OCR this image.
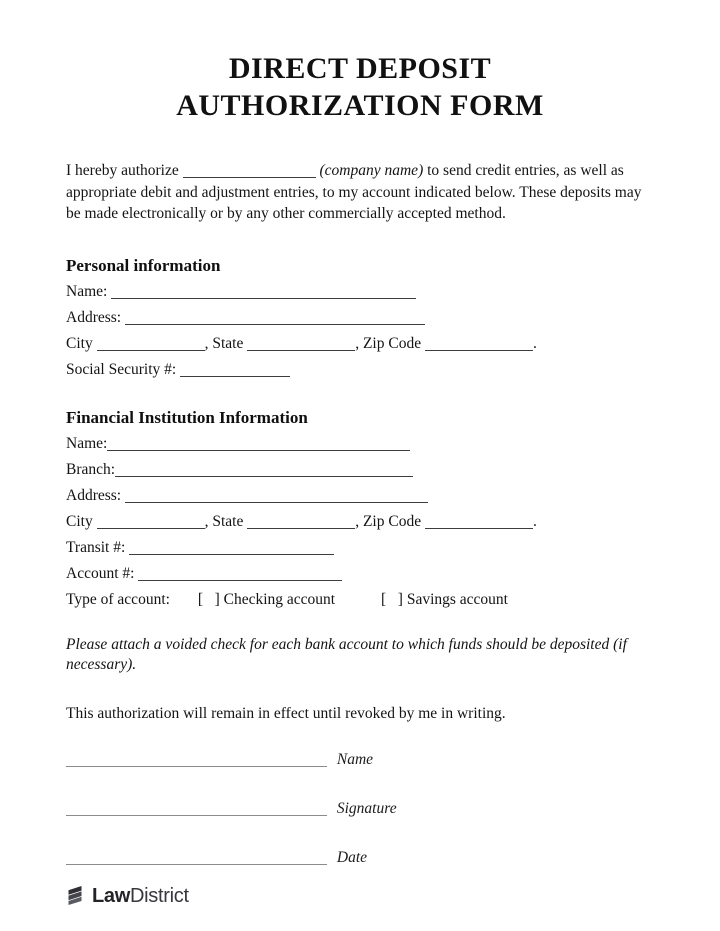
DIRECT DEPOSIT
AUTHORIZATION FORM

I hereby authorize	(company name) to send credit entries, as well as appropriate debit and adjustment entries, to my account indicated below. These deposits may be made electronically or by any other commercially accepted method.

Personal information
Name:
Address:
City	, State	, Zip Code	.
Social Security #:
Financial Institution Information
Name:
Branch:
Address:
City	, State	, Zip Code	.
Transit #:
Account #:
Type of account: [   ] Checking account	[   ] Savings account

Please attach a voided check for each bank account to which funds should be deposited (if necessary).

This authorization will remain in effect until revoked by me in writing.

Name
Signature
Date
LawDistrict
